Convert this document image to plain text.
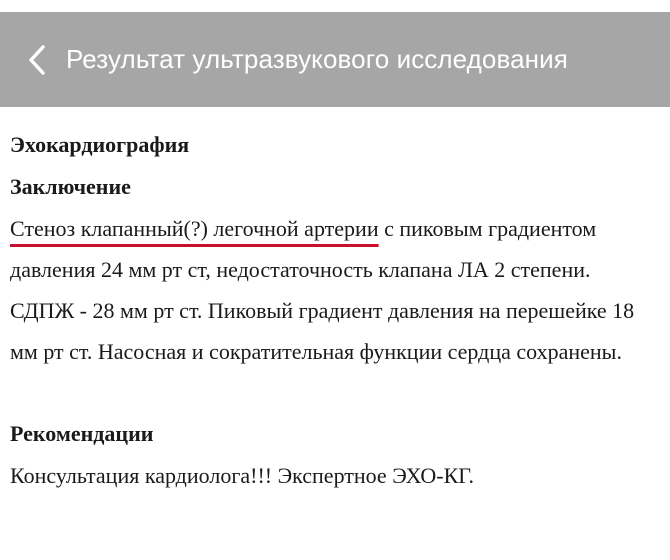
Результат ультразвукового исследования

Эхокардиография

Заключение

Стеноз клапанный(?) легочной артерии с пиковым градиентом давления 24 мм рт ст, недостаточность клапана ЛА 2 степени. СДПЖ - 28 мм рт ст. Пиковый градиент давления на перешейке 18 мм рт ст. Насосная и сократительная функции сердца сохранены.

Рекомендации

Консультация кардиолога!!! Экспертное ЭХО-КГ.
